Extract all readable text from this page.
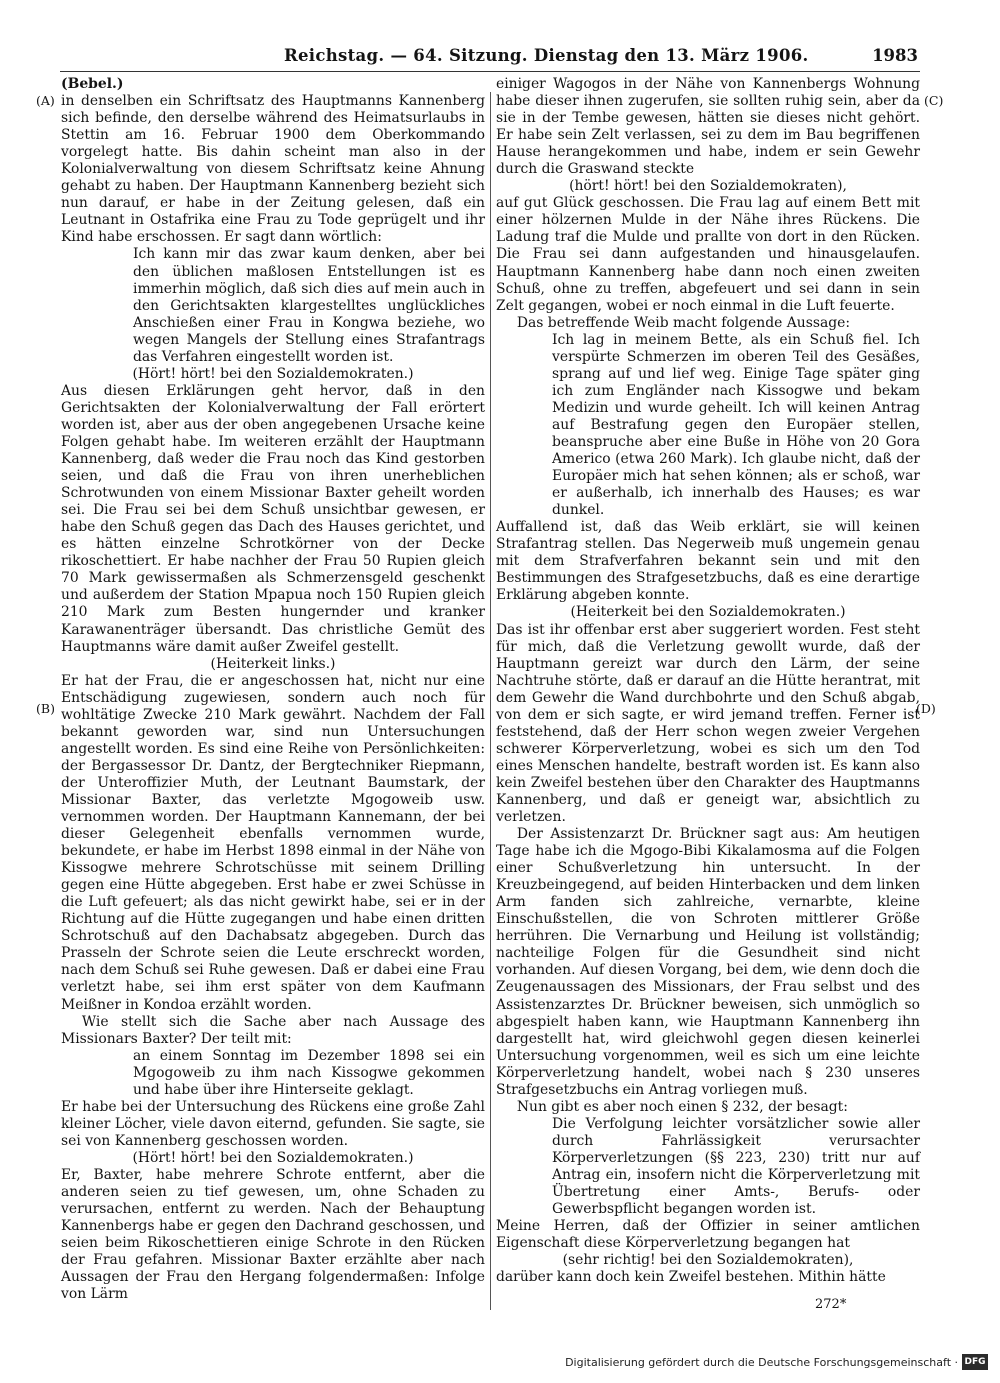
Reichstag. — 64. Sitzung. Dienstag den 13. März 1906.	1983
(A)
(B)
(C)
(D)

(Bebel.)

in denselben ein Schriftsatz des Hauptmanns Kannenberg sich befinde, den derselbe während des Heimatsurlaubs in Stettin am 16. Februar 1900 dem Oberkommando vorgelegt hatte. Bis dahin scheint man also in der Kolonialverwaltung von diesem Schriftsatz keine Ahnung gehabt zu haben. Der Hauptmann Kannenberg bezieht sich nun darauf, er habe in der Zeitung gelesen, daß ein Leutnant in Ostafrika eine Frau zu Tode geprügelt und ihr Kind habe erschossen. Er sagt dann wörtlich:

Ich kann mir das zwar kaum denken, aber bei den üblichen maßlosen Entstellungen ist es immerhin möglich, daß sich dies auf mein auch in den Gerichtsakten klargestelltes unglückliches Anschießen einer Frau in Kongwa beziehe, wo wegen Mangels der Stellung eines Strafantrags das Verfahren eingestellt worden ist.

(Hört! hört! bei den Sozialdemokraten.)

Aus diesen Erklärungen geht hervor, daß in den Gerichtsakten der Kolonialverwaltung der Fall erörtert worden ist, aber aus der oben angegebenen Ursache keine Folgen gehabt habe. Im weiteren erzählt der Hauptmann Kannenberg, daß weder die Frau noch das Kind gestorben seien, und daß die Frau von ihren unerheblichen Schrotwunden von einem Missionar Baxter geheilt worden sei. Die Frau sei bei dem Schuß unsichtbar gewesen, er habe den Schuß gegen das Dach des Hauses gerichtet, und es hätten einzelne Schrotkörner von der Decke rikoschettiert. Er habe nachher der Frau 50 Rupien gleich 70 Mark gewissermaßen als Schmerzensgeld geschenkt und außerdem der Station Mpapua noch 150 Rupien gleich 210 Mark zum Besten hungernder und kranker Karawanenträger übersandt. Das christliche Gemüt des Hauptmanns wäre damit außer Zweifel gestellt.

(Heiterkeit links.)

Er hat der Frau, die er angeschossen hat, nicht nur eine Entschädigung zugewiesen, sondern auch noch für wohltätige Zwecke 210 Mark gewährt. Nachdem der Fall bekannt geworden war, sind nun Untersuchungen angestellt worden. Es sind eine Reihe von Persönlichkeiten: der Bergassessor Dr. Dantz, der Bergtechniker Riepmann, der Unteroffizier Muth, der Leutnant Baumstark, der Missionar Baxter, das verletzte Mgogoweib usw. vernommen worden. Der Hauptmann Kannemann, der bei dieser Gelegenheit ebenfalls vernommen wurde, bekundete, er habe im Herbst 1898 einmal in der Nähe von Kissogwe mehrere Schrotschüsse mit seinem Drilling gegen eine Hütte abgegeben. Erst habe er zwei Schüsse in die Luft gefeuert; als das nicht gewirkt habe, sei er in der Richtung auf die Hütte zugegangen und habe einen dritten Schrotschuß auf den Dachabsatz abgegeben. Durch das Prasseln der Schrote seien die Leute erschreckt worden, nach dem Schuß sei Ruhe gewesen. Daß er dabei eine Frau verletzt habe, sei ihm erst später von dem Kaufmann Meißner in Kondoa erzählt worden.

Wie stellt sich die Sache aber nach Aussage des Missionars Baxter? Der teilt mit:

an einem Sonntag im Dezember 1898 sei ein Mgogoweib zu ihm nach Kissogwe gekommen und habe über ihre Hinterseite geklagt.

Er habe bei der Untersuchung des Rückens eine große Zahl kleiner Löcher, viele davon eiternd, gefunden. Sie sagte, sie sei von Kannenberg geschossen worden.

(Hört! hört! bei den Sozialdemokraten.)

Er, Baxter, habe mehrere Schrote entfernt, aber die anderen seien zu tief gewesen, um, ohne Schaden zu verursachen, entfernt zu werden. Nach der Behauptung Kannenbergs habe er gegen den Dachrand geschossen, und seien beim Rikoschettieren einige Schrote in den Rücken der Frau gefahren. Missionar Baxter erzählte aber nach Aussagen der Frau den Hergang folgendermaßen: Infolge von Lärm

einiger Wagogos in der Nähe von Kannenbergs Wohnung habe dieser ihnen zugerufen, sie sollten ruhig sein, aber da sie in der Tembe gewesen, hätten sie dieses nicht gehört. Er habe sein Zelt verlassen, sei zu dem im Bau begriffenen Hause herangekommen und habe, indem er sein Gewehr durch die Graswand steckte

(hört! hört! bei den Sozialdemokraten),

auf gut Glück geschossen. Die Frau lag auf einem Bett mit einer hölzernen Mulde in der Nähe ihres Rückens. Die Ladung traf die Mulde und prallte von dort in den Rücken. Die Frau sei dann aufgestanden und hinausgelaufen. Hauptmann Kannenberg habe dann noch einen zweiten Schuß, ohne zu treffen, abgefeuert und sei dann in sein Zelt gegangen, wobei er noch einmal in die Luft feuerte.

Das betreffende Weib macht folgende Aussage:

Ich lag in meinem Bette, als ein Schuß fiel. Ich verspürte Schmerzen im oberen Teil des Gesäßes, sprang auf und lief weg. Einige Tage später ging ich zum Engländer nach Kissogwe und bekam Medizin und wurde geheilt. Ich will keinen Antrag auf Bestrafung gegen den Europäer stellen, beanspruche aber eine Buße in Höhe von 20 Gora Americo (etwa 260 Mark). Ich glaube nicht, daß der Europäer mich hat sehen können; als er schoß, war er außerhalb, ich innerhalb des Hauses; es war dunkel.

Auffallend ist, daß das Weib erklärt, sie will keinen Strafantrag stellen. Das Negerweib muß ungemein genau mit dem Strafverfahren bekannt sein und mit den Bestimmungen des Strafgesetzbuchs, daß es eine derartige Erklärung abgeben konnte.

(Heiterkeit bei den Sozialdemokraten.)

Das ist ihr offenbar erst aber suggeriert worden. Fest steht für mich, daß die Verletzung gewollt wurde, daß der Hauptmann gereizt war durch den Lärm, der seine Nachtruhe störte, daß er darauf an die Hütte herantrat, mit dem Gewehr die Wand durchbohrte und den Schuß abgab, von dem er sich sagte, er wird jemand treffen. Ferner ist feststehend, daß der Herr schon wegen zweier Vergehen schwerer Körperverletzung, wobei es sich um den Tod eines Menschen handelte, bestraft worden ist. Es kann also kein Zweifel bestehen über den Charakter des Hauptmanns Kannenberg, und daß er geneigt war, absichtlich zu verletzen.

Der Assistenzarzt Dr. Brückner sagt aus: Am heutigen Tage habe ich die Mgogo-Bibi Kikalamosma auf die Folgen einer Schußverletzung hin untersucht. In der Kreuzbeingegend, auf beiden Hinterbacken und dem linken Arm fanden sich zahlreiche, vernarbte, kleine Einschußstellen, die von Schroten mittlerer Größe herrühren. Die Vernarbung und Heilung ist vollständig; nachteilige Folgen für die Gesundheit sind nicht vorhanden. Auf diesen Vorgang, bei dem, wie denn doch die Zeugenaussagen des Missionars, der Frau selbst und des Assistenzarztes Dr. Brückner beweisen, sich unmöglich so abgespielt haben kann, wie Hauptmann Kannenberg ihn dargestellt hat, wird gleichwohl gegen diesen keinerlei Untersuchung vorgenommen, weil es sich um eine leichte Körperverletzung handelt, wobei nach § 230 unseres Strafgesetzbuchs ein Antrag vorliegen muß.

Nun gibt es aber noch einen § 232, der besagt:

Die Verfolgung leichter vorsätzlicher sowie aller durch Fahrlässigkeit verursachter Körperverletzungen (§§ 223, 230) tritt nur auf Antrag ein, insofern nicht die Körperverletzung mit Übertretung einer Amts-, Berufs- oder Gewerbspflicht begangen worden ist.

Meine Herren, daß der Offizier in seiner amtlichen Eigenschaft diese Körperverletzung begangen hat

(sehr richtig! bei den Sozialdemokraten),

darüber kann doch kein Zweifel bestehen. Mithin hätte

272*
Digitalisierung gefördert durch die Deutsche Forschungsgemeinschaft · DFG
